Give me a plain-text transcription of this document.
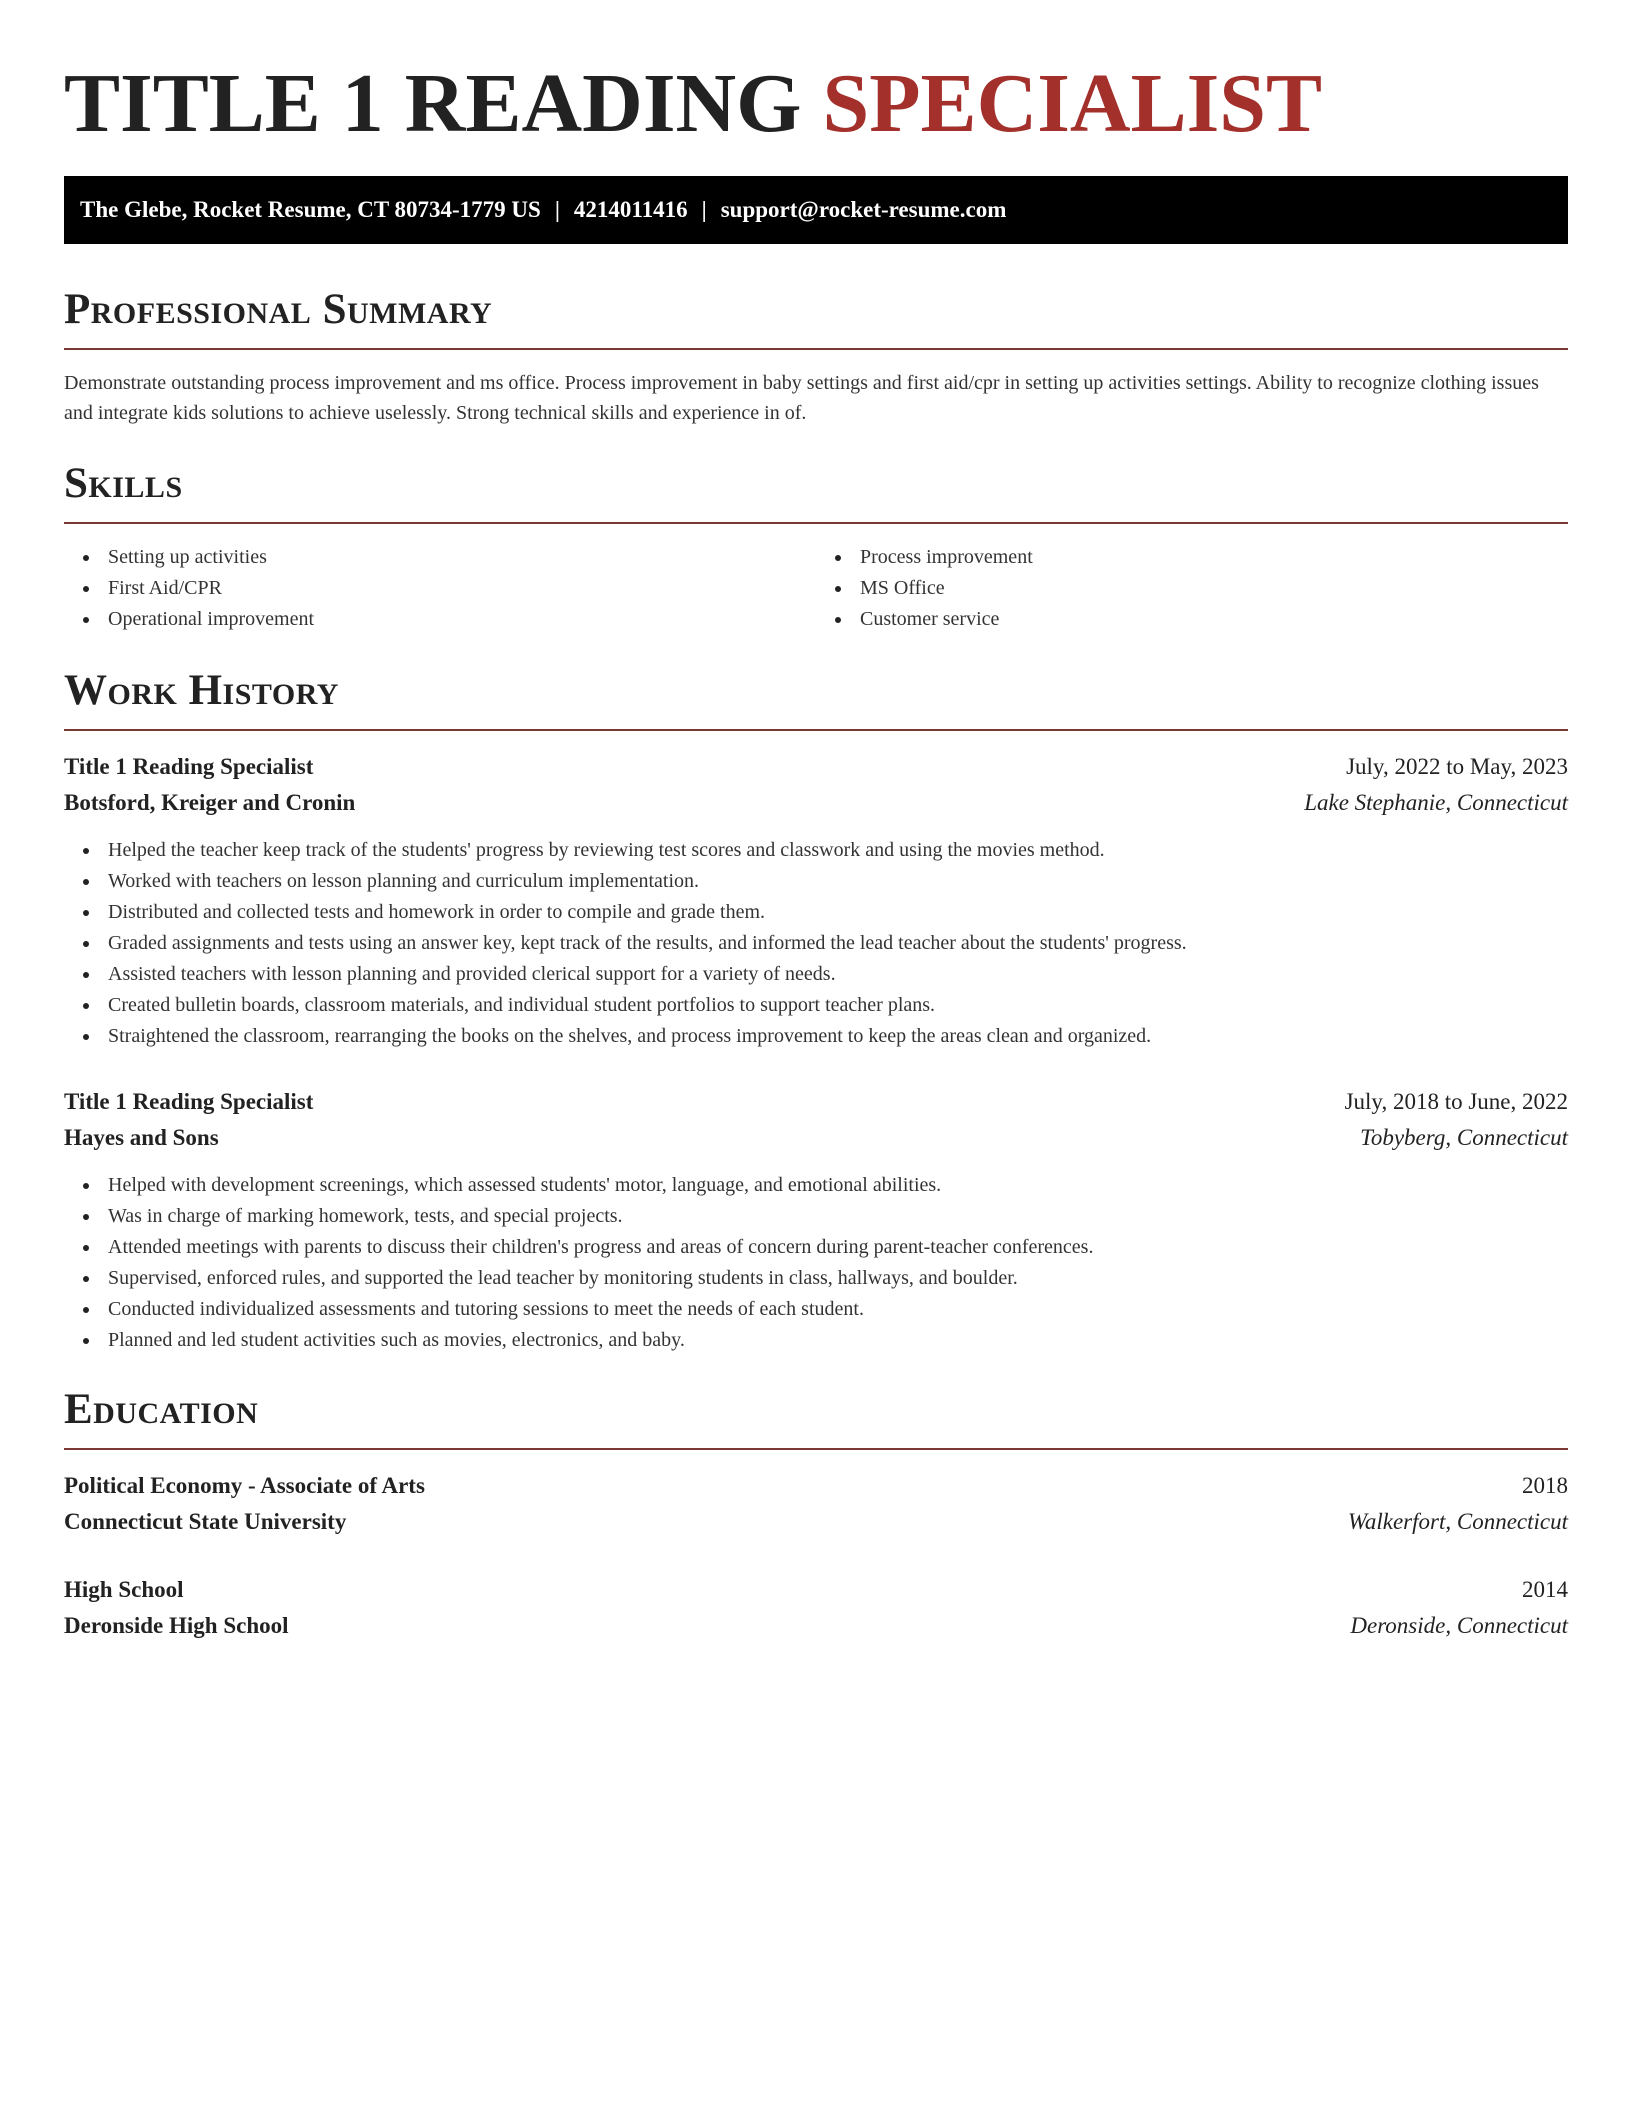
TITLE 1 READING SPECIALIST
The Glebe, Rocket Resume, CT 80734-1779 US | 4214011416 | support@rocket-resume.com
Professional Summary

Demonstrate outstanding process improvement and ms office. Process improvement in baby settings and first aid/cpr in setting up activities settings. Ability to recognize clothing issues and integrate kids solutions to achieve uselessly. Strong technical skills and experience in of.

Skills
Setting up activities
First Aid/CPR
Operational improvement
Process improvement
MS Office
Customer service
Work History
Title 1 Reading Specialist	July, 2022 to May, 2023
Botsford, Kreiger and Cronin	Lake Stephanie, Connecticut
Helped the teacher keep track of the students' progress by reviewing test scores and classwork and using the movies method.
Worked with teachers on lesson planning and curriculum implementation.
Distributed and collected tests and homework in order to compile and grade them.
Graded assignments and tests using an answer key, kept track of the results, and informed the lead teacher about the students' progress.
Assisted teachers with lesson planning and provided clerical support for a variety of needs.
Created bulletin boards, classroom materials, and individual student portfolios to support teacher plans.
Straightened the classroom, rearranging the books on the shelves, and process improvement to keep the areas clean and organized.
Title 1 Reading Specialist	July, 2018 to June, 2022
Hayes and Sons	Tobyberg, Connecticut
Helped with development screenings, which assessed students' motor, language, and emotional abilities.
Was in charge of marking homework, tests, and special projects.
Attended meetings with parents to discuss their children's progress and areas of concern during parent-teacher conferences.
Supervised, enforced rules, and supported the lead teacher by monitoring students in class, hallways, and boulder.
Conducted individualized assessments and tutoring sessions to meet the needs of each student.
Planned and led student activities such as movies, electronics, and baby.
Education
Political Economy - Associate of Arts	2018
Connecticut State University	Walkerfort, Connecticut
High School	2014
Deronside High School	Deronside, Connecticut
